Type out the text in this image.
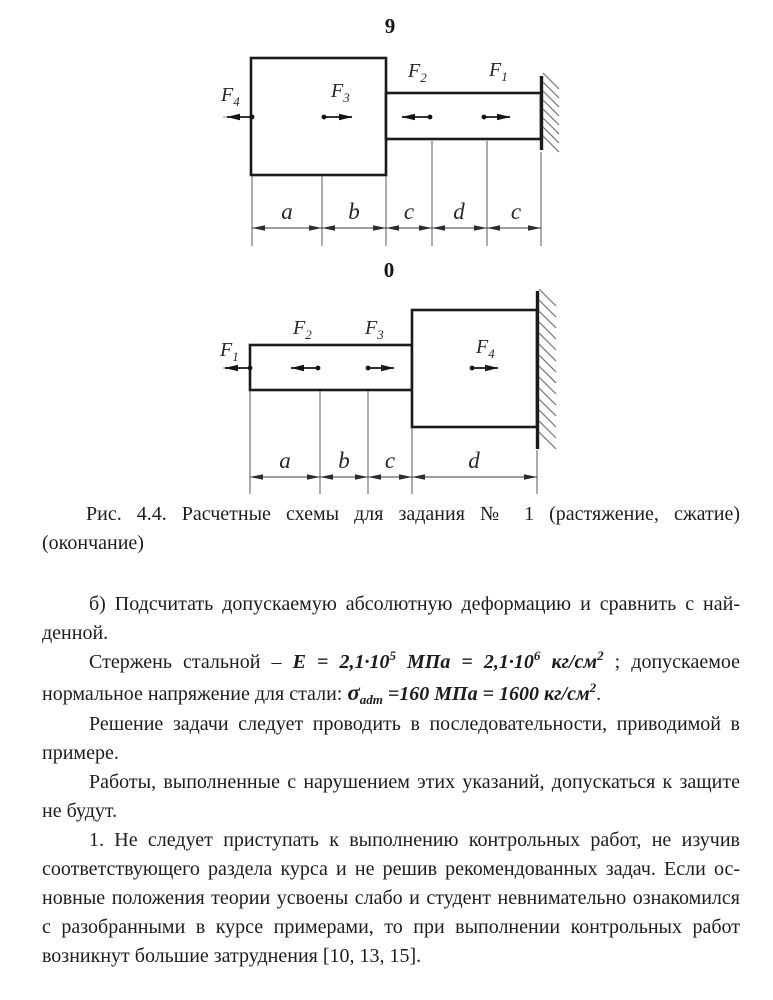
9
$F_4$	$F_3$
$F_2$	$F_1$
a b c d c
0
$F_1$
$F_2$	$F_3$
$F_4$
a b c	d
Рис. 4.4. Расчетные схемы для задания № 1 (растяжение, сжатие)
(окончание)

б) Подсчитать допускаемую абсолютную деформацию и сравнить с найденной.

Стержень стальной – $E = 2,1\cdot 10^5$ МПа = $2,1\cdot 10^6$ $кг/см^2$ ; допускаемое нормальное напряжение для стали: $\sigma_{adm} =160$ МПа = 1600 $кг/см^2$.

Решение задачи следует проводить в последовательности, приводимой в примере.

Работы, выполненные с нарушением этих указаний, допускаться к защите не будут.

1. Не следует приступать к выполнению контрольных работ, не изучив соответствующего раздела курса и не решив рекомендованных задач. Если основные положения теории усвоены слабо и студент невнимательно ознакомился с разобранными в курсе примерами, то при выполнении контрольных работ возникнут большие затруднения [10, 13, 15].
